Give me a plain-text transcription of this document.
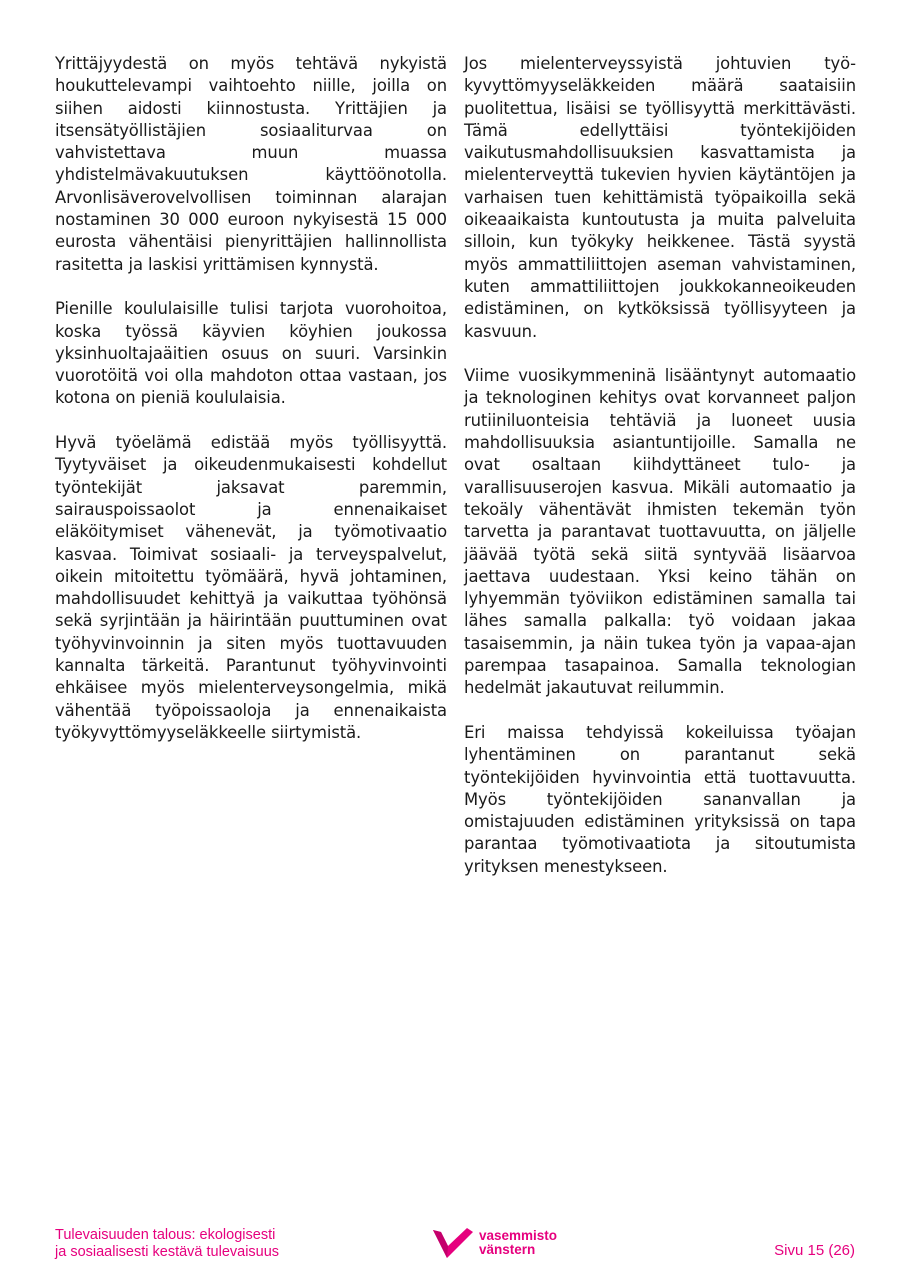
Yrittäjyydestä on myös tehtävä nykyistä houkuttelevampi vaihtoehto niille, joilla on siihen aidosti kiinnostusta. Yrittäjien ja itsensätyöllistäjien sosiaaliturvaa on vahvistettava muun muassa yhdistelmävakuutuksen käyttöönotolla. Arvonlisäverovelvollisen toiminnan alarajan nostaminen 30 000 euroon nykyisestä 15 000 eurosta vähentäisi pienyrittäjien hallinnollista rasitetta ja laskisi yrittämisen kynnystä.

Pienille koululaisille tulisi tarjota vuorohoitoa, koska työssä käyvien köyhien joukossa yksinhuoltajaäitien osuus on suuri. Varsinkin vuorotöitä voi olla mahdoton ottaa vastaan, jos kotona on pieniä koululaisia.

Hyvä työelämä edistää myös työllisyyttä. Tyytyväiset ja oikeudenmukaisesti kohdellut työntekijät jaksavat paremmin, sairauspoissaolot ja ennenaikaiset eläköitymiset vähenevät, ja työmotivaatio kasvaa. Toimivat sosiaali- ja terveyspalvelut, oikein mitoitettu työmäärä, hyvä johtaminen, mahdollisuudet kehittyä ja vaikuttaa työhönsä sekä syrjintään ja häirintään puuttuminen ovat työhyvinvoinnin ja siten myös tuottavuuden kannalta tärkeitä. Parantunut työhyvinvointi ehkäisee myös mielenterveysongelmia, mikä vähentää työpoissaoloja ja ennenaikaista työkyvyttömyyseläkkeelle siirtymistä.

Jos mielenterveyssyistä johtuvien työkyvyttömyyseläkkeiden määrä saataisiin puolitettua, lisäisi se työllisyyttä merkittävästi. Tämä edellyttäisi työntekijöiden vaikutusmahdollisuuksien kasvattamista ja mielenterveyttä tukevien hyvien käytäntöjen ja varhaisen tuen kehittämistä työpaikoilla sekä oikeaaikaista kuntoutusta ja muita palveluita silloin, kun työkyky heikkenee. Tästä syystä myös ammattiliittojen aseman vahvistaminen, kuten ammattiliittojen joukkokanneoikeuden edistäminen, on kytköksissä työllisyyteen ja kasvuun.

Viime vuosikymmeninä lisääntynyt automaatio ja teknologinen kehitys ovat korvanneet paljon rutiiniluonteisia tehtäviä ja luoneet uusia mahdollisuuksia asiantuntijoille. Samalla ne ovat osaltaan kiihdyttäneet tulo- ja varallisuuserojen kasvua. Mikäli automaatio ja tekoäly vähentävät ihmisten tekemän työn tarvetta ja parantavat tuottavuutta, on jäljelle jäävää työtä sekä siitä syntyvää lisäarvoa jaettava uudestaan. Yksi keino tähän on lyhyemmän työviikon edistäminen samalla tai lähes samalla palkalla: työ voidaan jakaa tasaisemmin, ja näin tukea työn ja vapaa-ajan parempaa tasapainoa. Samalla teknologian hedelmät jakautuvat reilummin.

Eri maissa tehdyissä kokeiluissa työajan lyhentäminen on parantanut sekä työntekijöiden hyvinvointia että tuottavuutta. Myös työntekijöiden sananvallan ja omistajuuden edistäminen yrityksissä on tapa parantaa työmotivaatiota ja sitoutumista yrityksen menestykseen.

Tulevaisuuden talous: ekologisesti
ja sosiaalisesti kestävä tulevaisuus
vasemmisto
vänstern	Sivu 15 (26)
